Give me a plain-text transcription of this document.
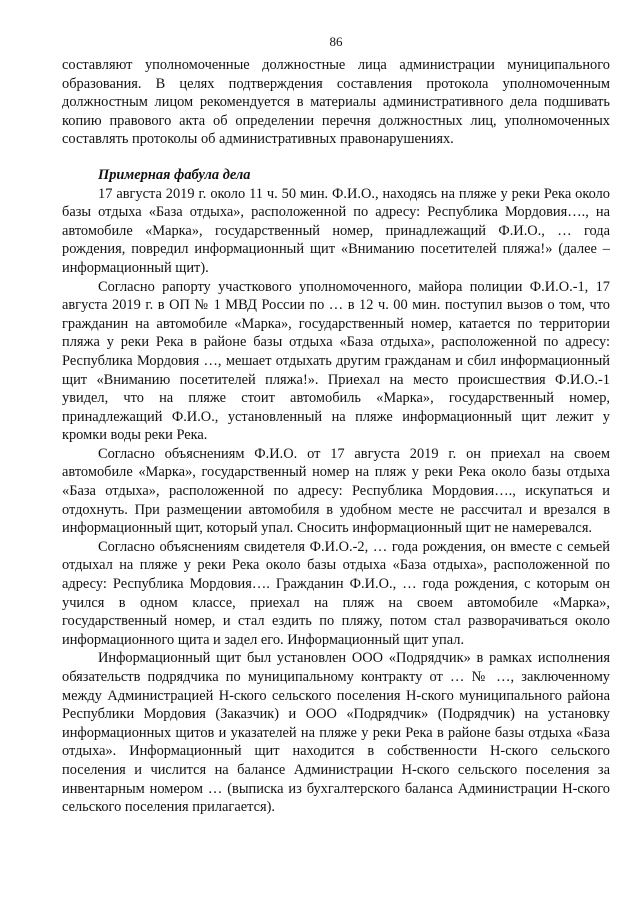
86

составляют уполномоченные должностные лица администрации муниципального образования. В целях подтверждения составления протокола уполномоченным должностным лицом рекомендуется в материалы административного дела подшивать копию правового акта об определении перечня должностных лиц, уполномоченных составлять протоколы об административных правонарушениях.

Примерная фабула дела

17 августа 2019 г. около 11 ч. 50 мин. Ф.И.О., находясь на пляже у реки Река около базы отдыха «База отдыха», расположенной по адресу: Республика Мордовия…., на автомобиле «Марка», государственный номер, принадлежащий Ф.И.О., … года рождения, повредил информационный щит «Вниманию посетителей пляжа!» (далее – информационный щит).

Согласно рапорту участкового уполномоченного, майора полиции Ф.И.О.-1, 17 августа 2019 г. в ОП № 1 МВД России по … в 12 ч. 00 мин. поступил вызов о том, что гражданин на автомобиле «Марка», государственный номер, катается по территории пляжа у реки Река в районе базы отдыха «База отдыха», расположенной по адресу: Республика Мордовия …, мешает отдыхать другим гражданам и сбил информационный щит «Вниманию посетителей пляжа!». Приехал на место происшествия Ф.И.О.-1 увидел, что на пляже стоит автомобиль «Марка», государственный номер, принадлежащий Ф.И.О., установленный на пляже информационный щит лежит у кромки воды реки Река.

Согласно объяснениям Ф.И.О. от 17 августа 2019 г. он приехал на своем автомобиле «Марка», государственный номер на пляж у реки Река около базы отдыха «База отдыха», расположенной по адресу: Республика Мордовия…., искупаться и отдохнуть. При размещении автомобиля в удобном месте не рассчитал и врезался в информационный щит, который упал. Сносить информационный щит не намеревался.

Согласно объяснениям свидетеля Ф.И.О.-2, … года рождения, он вместе с семьей отдыхал на пляже у реки Река около базы отдыха «База отдыха», расположенной по адресу: Республика Мордовия…. Гражданин Ф.И.О., … года рождения, с которым он учился в одном классе, приехал на пляж на своем автомобиле «Марка», государственный номер, и стал ездить по пляжу, потом стал разворачиваться около информационного щита и задел его. Информационный щит упал.

Информационный щит был установлен ООО «Подрядчик» в рамках исполнения обязательств подрядчика по муниципальному контракту от … № …, заключенному между Администрацией Н-ского сельского поселения Н-ского муниципального района Республики Мордовия (Заказчик) и ООО «Подрядчик» (Подрядчик) на установку информационных щитов и указателей на пляже у реки Река в районе базы отдыха «База отдыха». Информационный щит находится в собственности Н-ского сельского поселения и числится на балансе Администрации Н-ского сельского поселения за инвентарным номером … (выписка из бухгалтерского баланса Администрации Н-ского сельского поселения прилагается).
